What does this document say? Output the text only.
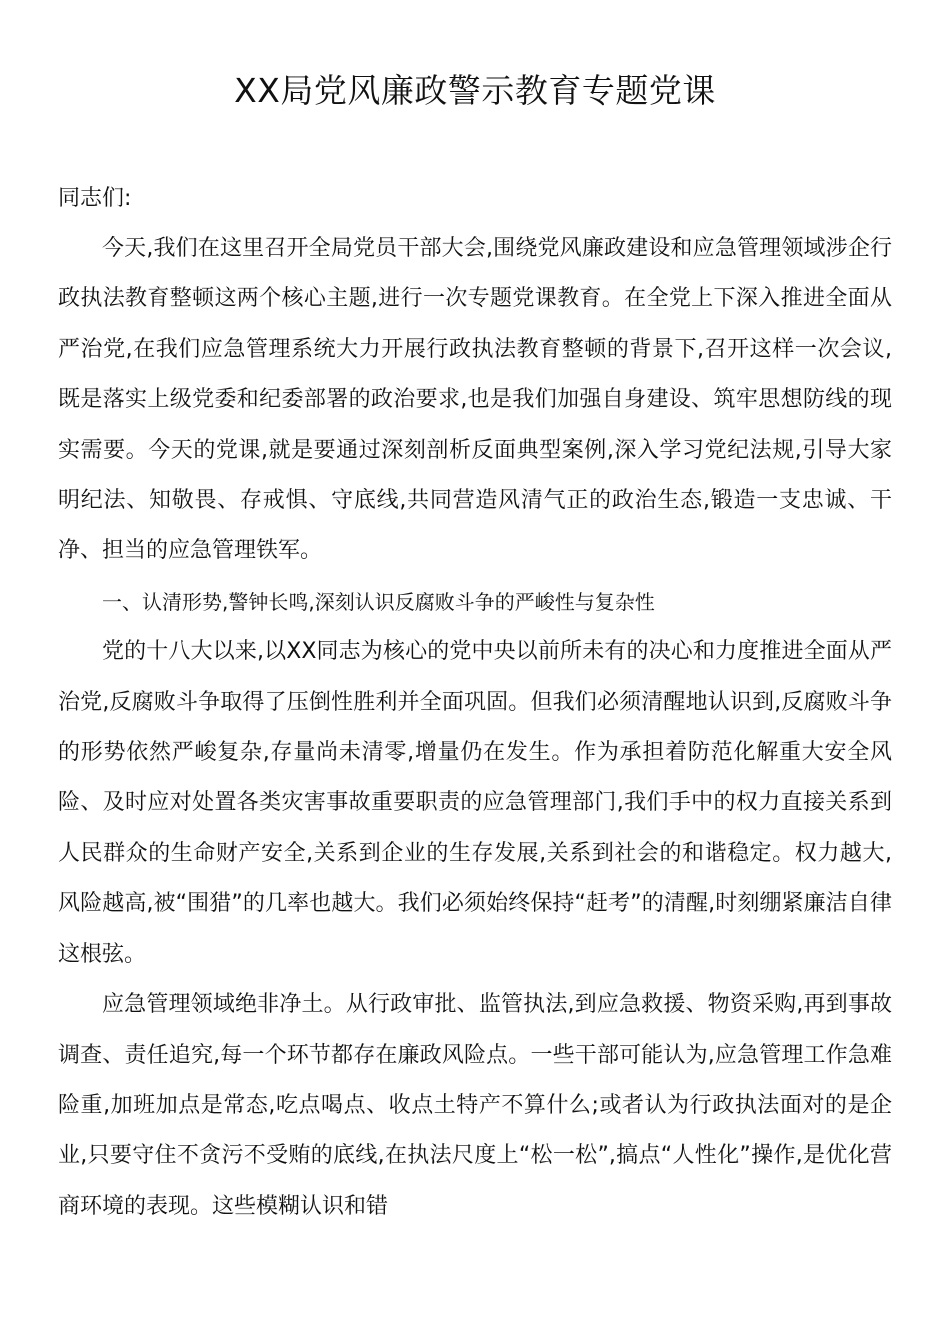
XX局党风廉政警示教育专题党课

同志们:

今天,我们在这里召开全局党员干部大会,围绕党风廉政建设和应急管理领域涉企行政执法教育整顿这两个核心主题,进行一次专题党课教育。在全党上下深入推进全面从严治党,在我们应急管理系统大力开展行政执法教育整顿的背景下,召开这样一次会议,既是落实上级党委和纪委部署的政治要求,也是我们加强自身建设、筑牢思想防线的现实需要。今天的党课,就是要通过深刻剖析反面典型案例,深入学习党纪法规,引导大家明纪法、知敬畏、存戒惧、守底线,共同营造风清气正的政治生态,锻造一支忠诚、干净、担当的应急管理铁军。

一、认清形势,警钟长鸣,深刻认识反腐败斗争的严峻性与复杂性

党的十八大以来,以XX同志为核心的党中央以前所未有的决心和力度推进全面从严治党,反腐败斗争取得了压倒性胜利并全面巩固。但我们必须清醒地认识到,反腐败斗争的形势依然严峻复杂,存量尚未清零,增量仍在发生。作为承担着防范化解重大安全风险、及时应对处置各类灾害事故重要职责的应急管理部门,我们手中的权力直接关系到人民群众的生命财产安全,关系到企业的生存发展,关系到社会的和谐稳定。权力越大,风险越高,被“围猎”的几率也越大。我们必须始终保持“赶考”的清醒,时刻绷紧廉洁自律这根弦。

应急管理领域绝非净土。从行政审批、监管执法,到应急救援、物资采购,再到事故调查、责任追究,每一个环节都存在廉政风险点。一些干部可能认为,应急管理工作急难险重,加班加点是常态,吃点喝点、收点土特产不算什么;或者认为行政执法面对的是企业,只要守住不贪污不受贿的底线,在执法尺度上“松一松”,搞点“人性化”操作,是优化营商环境的表现。这些模糊认识和错
